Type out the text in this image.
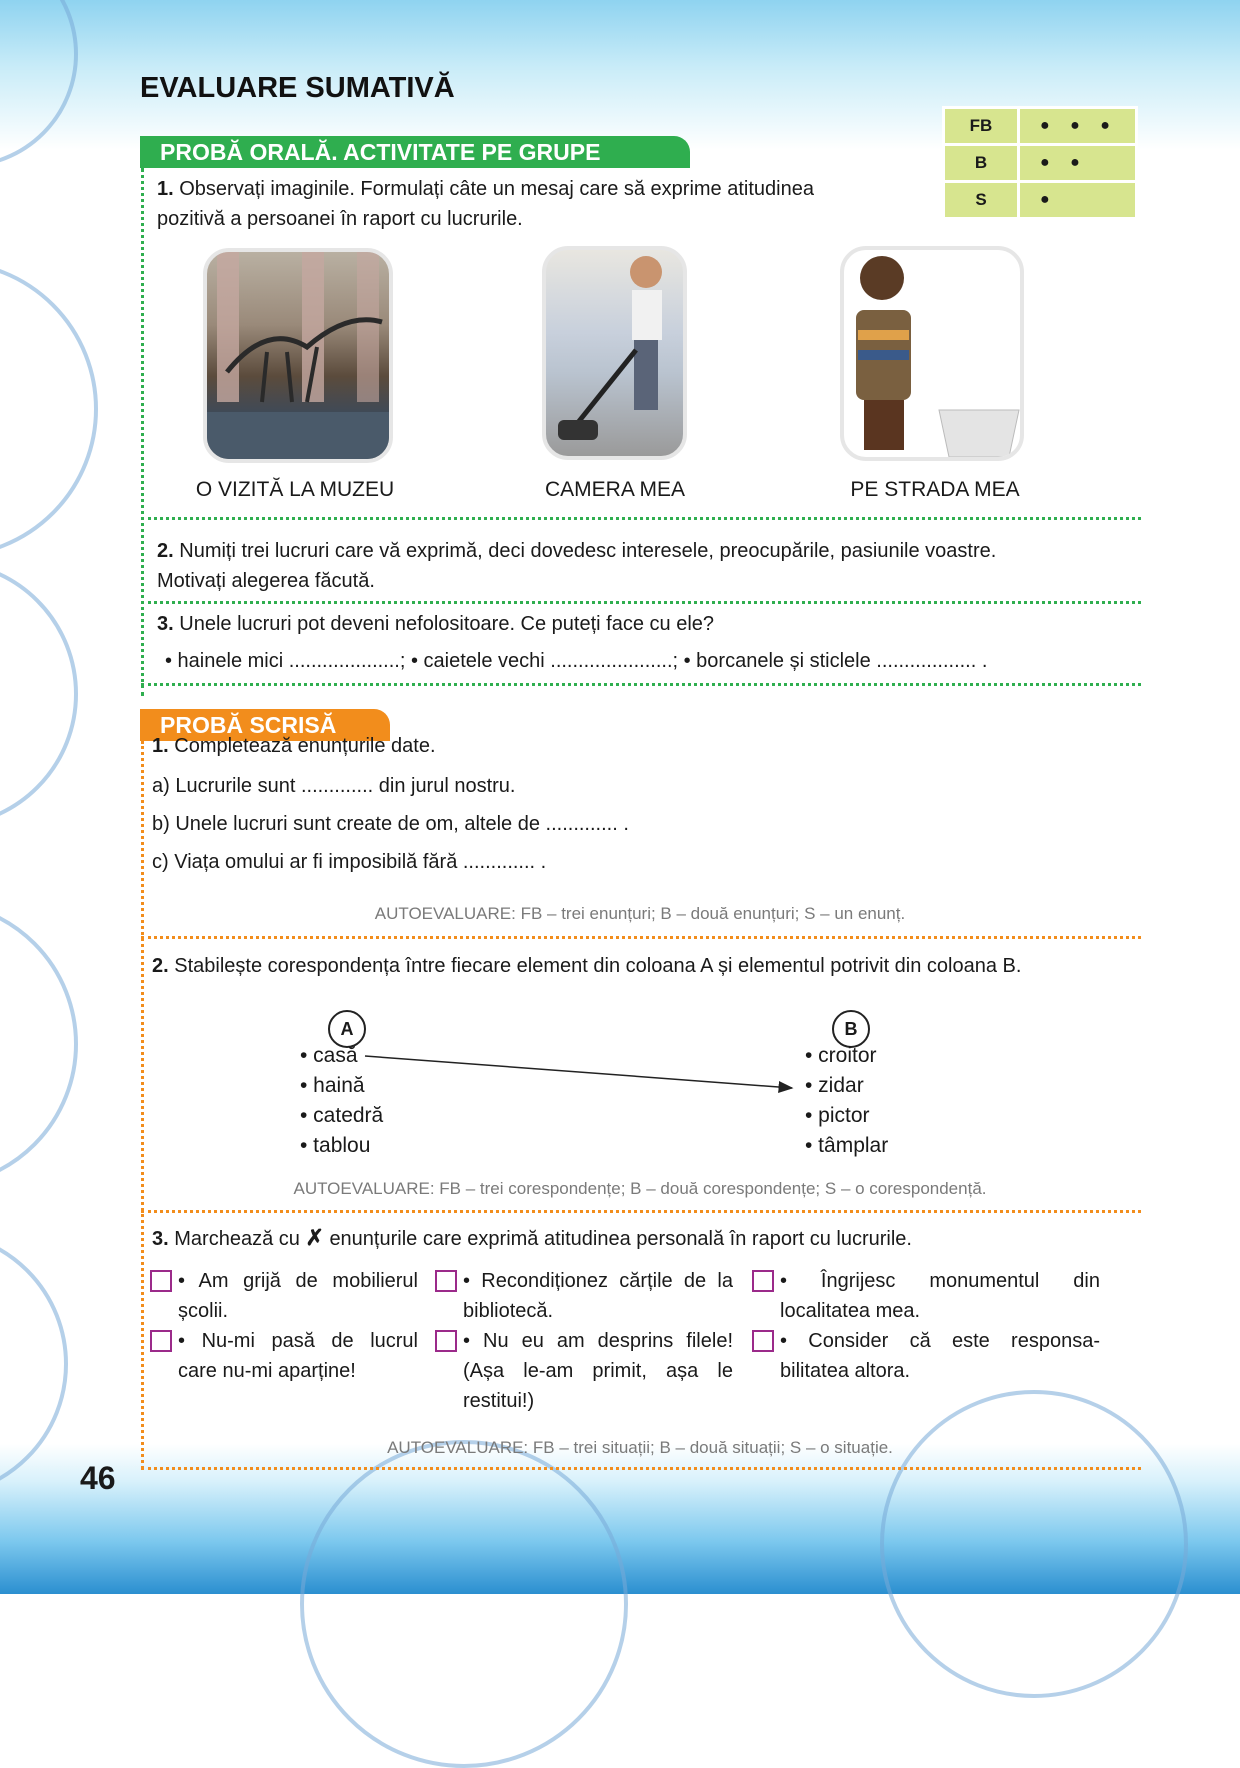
EVALUARE SUMATIVĂ
FB	● ● ●
B	● ●
S	●
PROBĂ ORALĂ. ACTIVITATE PE GRUPE
1. Observați imaginile. Formulați câte un mesaj care să exprime atitudinea
pozitivă a persoanei în raport cu lucrurile.
O VIZITĂ LA MUZEU	CAMERA MEA	PE STRADA MEA
2. Numiți trei lucruri care vă exprimă, deci dovedesc interesele, preocupările, pasiunile voastre.
Motivați alegerea făcută.
3. Unele lucruri pot deveni nefolositoare. Ce puteți face cu ele?
• hainele mici ....................; • caietele vechi ......................; • borcanele și sticlele .................. .
PROBĂ SCRISĂ
1. Completează enunțurile date.
a) Lucrurile sunt ............. din jurul nostru.
b) Unele lucruri sunt create de om, altele de ............. .
c) Viața omului ar fi imposibilă fără ............. .
AUTOEVALUARE: FB – trei enunțuri; B – două enunțuri; S – un enunț.
2. Stabilește corespondența între fiecare element din coloana A și elementul potrivit din coloana B.
A	B
• casă
• haină
• catedră
• tablou
• croitor
• zidar
• pictor
• tâmplar
AUTOEVALUARE: FB – trei corespondențe; B – două corespondențe; S – o corespondență.
3. Marchează cu ✗ enunțurile care exprimă atitudinea personală în raport cu lucrurile.
• Am grijă de mobilierul școlii.
• Recondiționez cărțile de la bibliotecă.
• Îngrijesc monumentul din localitatea mea.
• Nu-mi pasă de lucrul care nu-mi aparține!
• Nu eu am desprins filele! (Așa le-am primit, așa le restitui!)
• Consider că este responsa-bilitatea altora.
AUTOEVALUARE: FB – trei situații; B – două situații; S – o situație.
46
